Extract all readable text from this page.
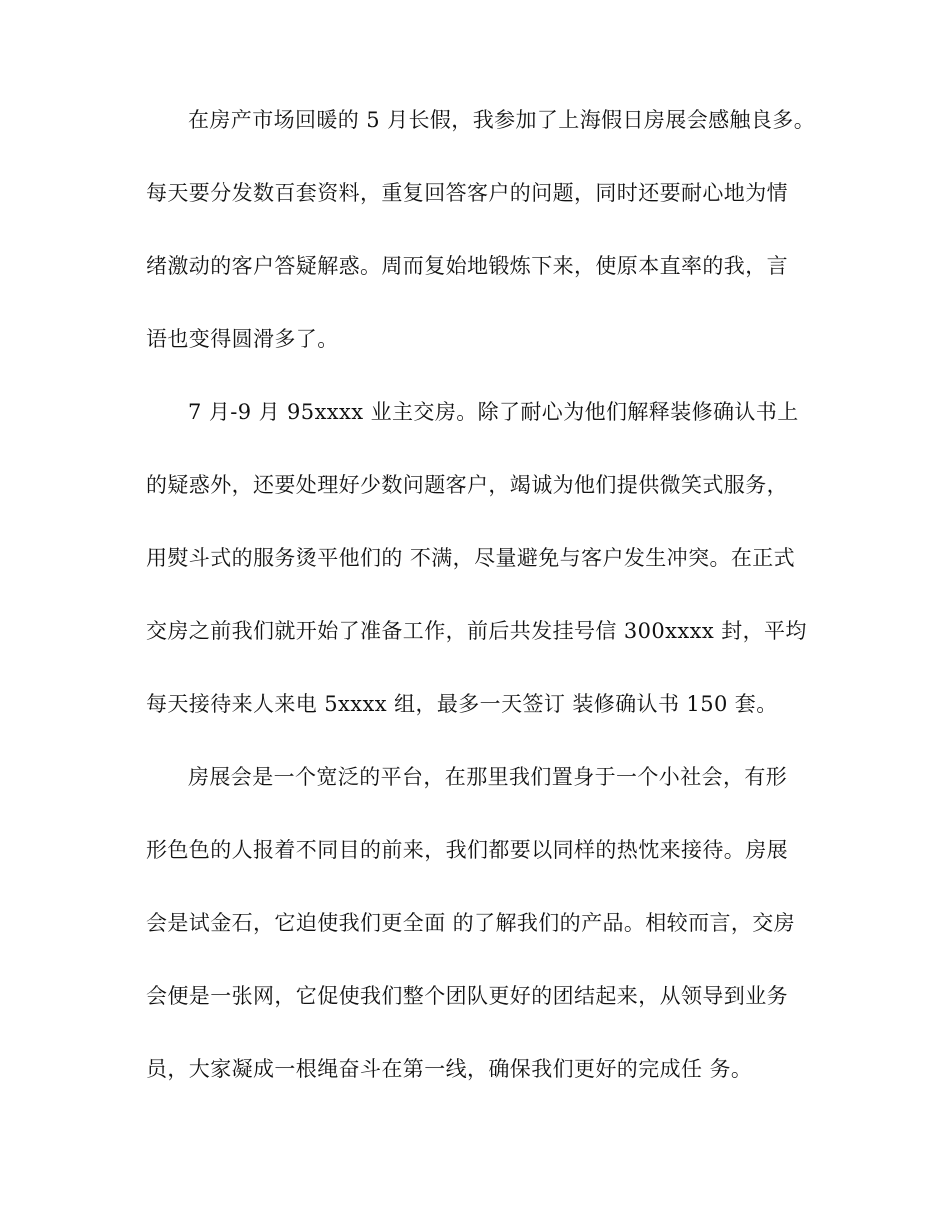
在房产市场回暖的 5 月长假，我参加了上海假日房展会感触良多。
每天要分发数百套资料，重复回答客户的问题，同时还要耐心地为情
绪激动的客户答疑解惑。周而复始地锻炼下来，使原本直率的我，言
语也变得圆滑多了。
7 月-9 月 95xxxx 业主交房。除了耐心为他们解释装修确认书上
的疑惑外，还要处理好少数问题客户，竭诚为他们提供微笑式服务，
用熨斗式的服务烫平他们的 不满，尽量避免与客户发生冲突。在正式
交房之前我们就开始了准备工作，前后共发挂号信 300xxxx 封，平均
每天接待来人来电 5xxxx 组，最多一天签订 装修确认书 150 套。
房展会是一个宽泛的平台，在那里我们置身于一个小社会，有形
形色色的人报着不同目的前来，我们都要以同样的热忱来接待。房展
会是试金石，它迫使我们更全面 的了解我们的产品。相较而言，交房
会便是一张网，它促使我们整个团队更好的团结起来，从领导到业务
员，大家凝成一根绳奋斗在第一线，确保我们更好的完成任 务。
